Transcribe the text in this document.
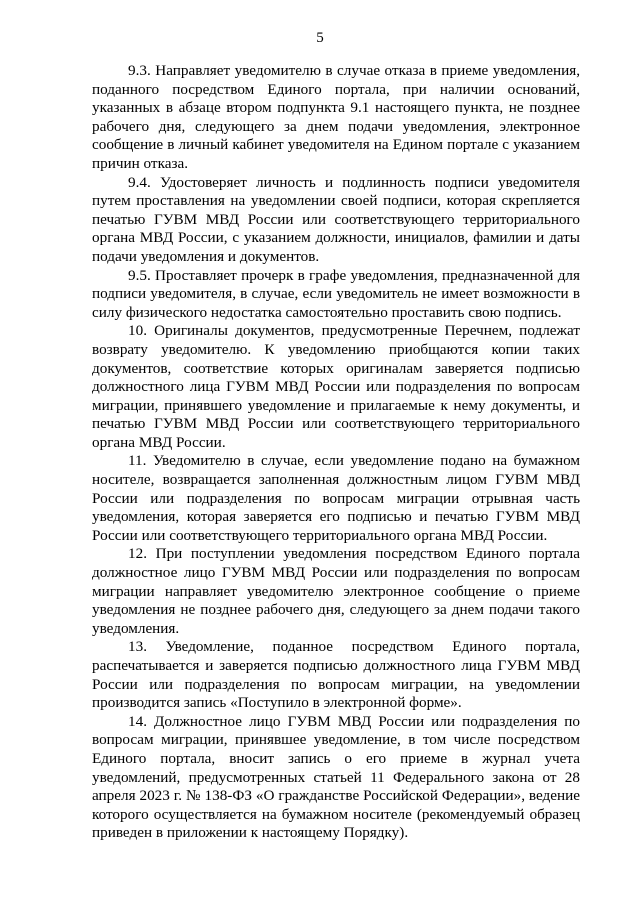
5

9.3. Направляет уведомителю в случае отказа в приеме уведомления, поданного посредством Единого портала, при наличии оснований, указанных в абзаце втором подпункта 9.1 настоящего пункта, не позднее рабочего дня, следующего за днем подачи уведомления, электронное сообщение в личный кабинет уведомителя на Едином портале с указанием причин отказа.

9.4. Удостоверяет личность и подлинность подписи уведомителя путем проставления на уведомлении своей подписи, которая скрепляется печатью ГУВМ МВД России или соответствующего территориального органа МВД России, с указанием должности, инициалов, фамилии и даты подачи уведомления и документов.

9.5. Проставляет прочерк в графе уведомления, предназначенной для подписи уведомителя, в случае, если уведомитель не имеет возможности в силу физического недостатка самостоятельно проставить свою подпись.

10. Оригиналы документов, предусмотренные Перечнем, подлежат возврату уведомителю. К уведомлению приобщаются копии таких документов, соответствие которых оригиналам заверяется подписью должностного лица ГУВМ МВД России или подразделения по вопросам миграции, принявшего уведомление и прилагаемые к нему документы, и печатью ГУВМ МВД России или соответствующего территориального органа МВД России.

11. Уведомителю в случае, если уведомление подано на бумажном носителе, возвращается заполненная должностным лицом ГУВМ МВД России или подразделения по вопросам миграции отрывная часть уведомления, которая заверяется его подписью и печатью ГУВМ МВД России или соответствующего территориального органа МВД России.

12. При поступлении уведомления посредством Единого портала должностное лицо ГУВМ МВД России или подразделения по вопросам миграции направляет уведомителю электронное сообщение о приеме уведомления не позднее рабочего дня, следующего за днем подачи такого уведомления.

13. Уведомление, поданное посредством Единого портала, распечатывается и заверяется подписью должностного лица ГУВМ МВД России или подразделения по вопросам миграции, на уведомлении производится запись «Поступило в электронной форме».

14. Должностное лицо ГУВМ МВД России или подразделения по вопросам миграции, принявшее уведомление, в том числе посредством Единого портала, вносит запись о его приеме в журнал учета уведомлений, предусмотренных статьей 11 Федерального закона от 28 апреля 2023 г. № 138-ФЗ «О гражданстве Российской Федерации», ведение которого осуществляется на бумажном носителе (рекомендуемый образец приведен в приложении к настоящему Порядку).
